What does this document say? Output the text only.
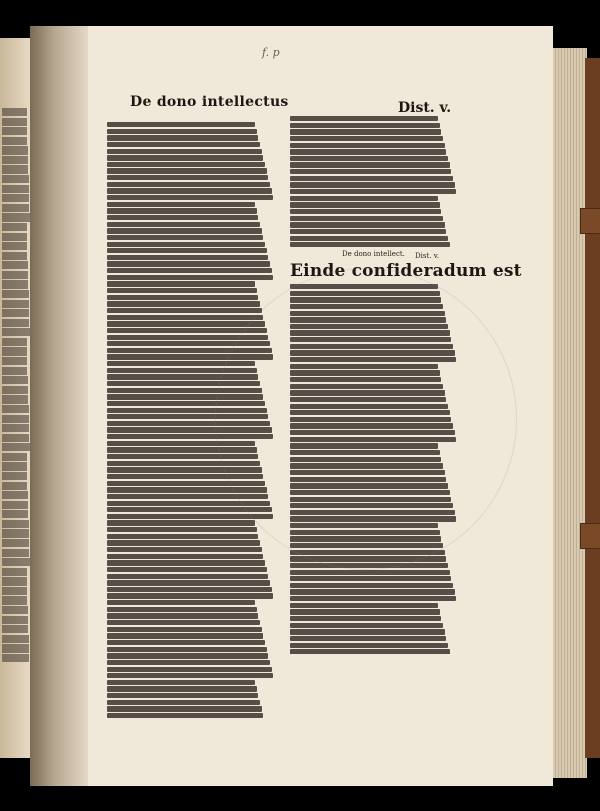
f. p
De dono intellectus	Dist. v.
De dono intellect. Dist. v.
Einde confideradum est
